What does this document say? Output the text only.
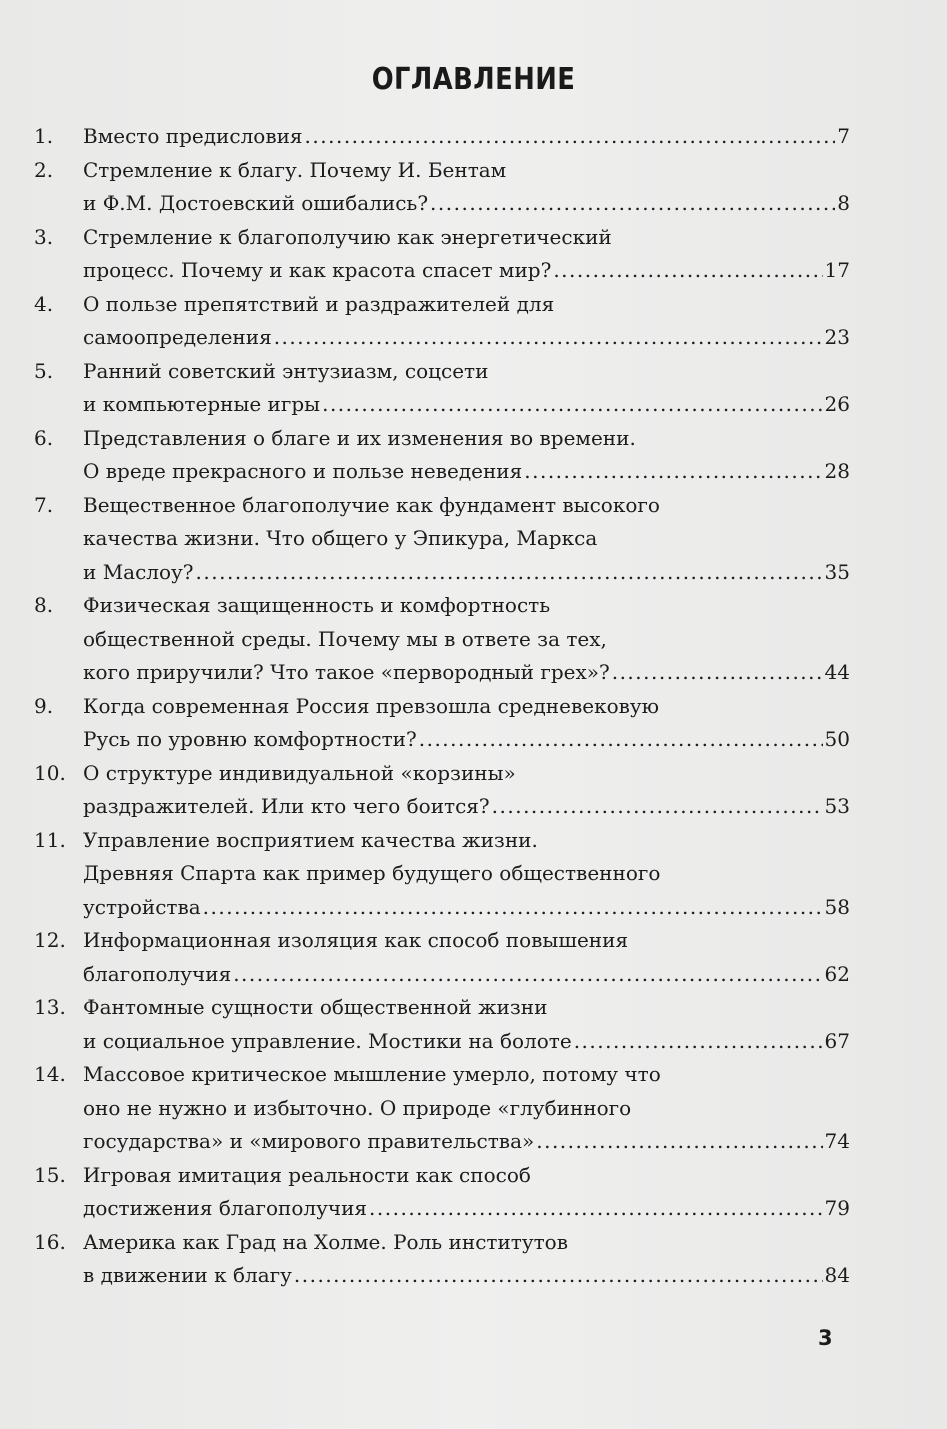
ОГЛАВЛЕНИЕ
1. Вместо предисловия .....	7
2. Стремление к благу. Почему И. Бентам
и Ф.М. Достоевский ошибались? .....	8
3. Стремление к благополучию как энергетический
процесс. Почему и как красота спасет мир? .....	17
4. О пользе препятствий и раздражителей для
самоопределения .....	23
5. Ранний советский энтузиазм, соцсети
и компьютерные игры .....	26
6. Представления о благе и их изменения во времени.
О вреде прекрасного и пользе неведения .....	28
7. Вещественное благополучие как фундамент высокого
качества жизни. Что общего у Эпикура, Маркса
и Маслоу? .....	35
8. Физическая защищенность и комфортность
общественной среды. Почему мы в ответе за тех,
кого приручили? Что такое «первородный грех»? .....	44
9. Когда современная Россия превзошла средневековую
Русь по уровню комфортности? .....	50
10. О структуре индивидуальной «корзины»
раздражителей. Или кто чего боится? .....	53
11. Управление восприятием качества жизни.
Древняя Спарта как пример будущего общественного
устройства .....	58
12. Информационная изоляция как способ повышения
благополучия .....	62
13. Фантомные сущности общественной жизни
и социальное управление. Мостики на болоте .....	67
14. Массовое критическое мышление умерло, потому что
оно не нужно и избыточно. О природе «глубинного
государства» и «мирового правительства» .....	74
15. Игровая имитация реальности как способ
достижения благополучия .....	79
16. Америка как Град на Холме. Роль институтов
в движении к благу .....	84
3
